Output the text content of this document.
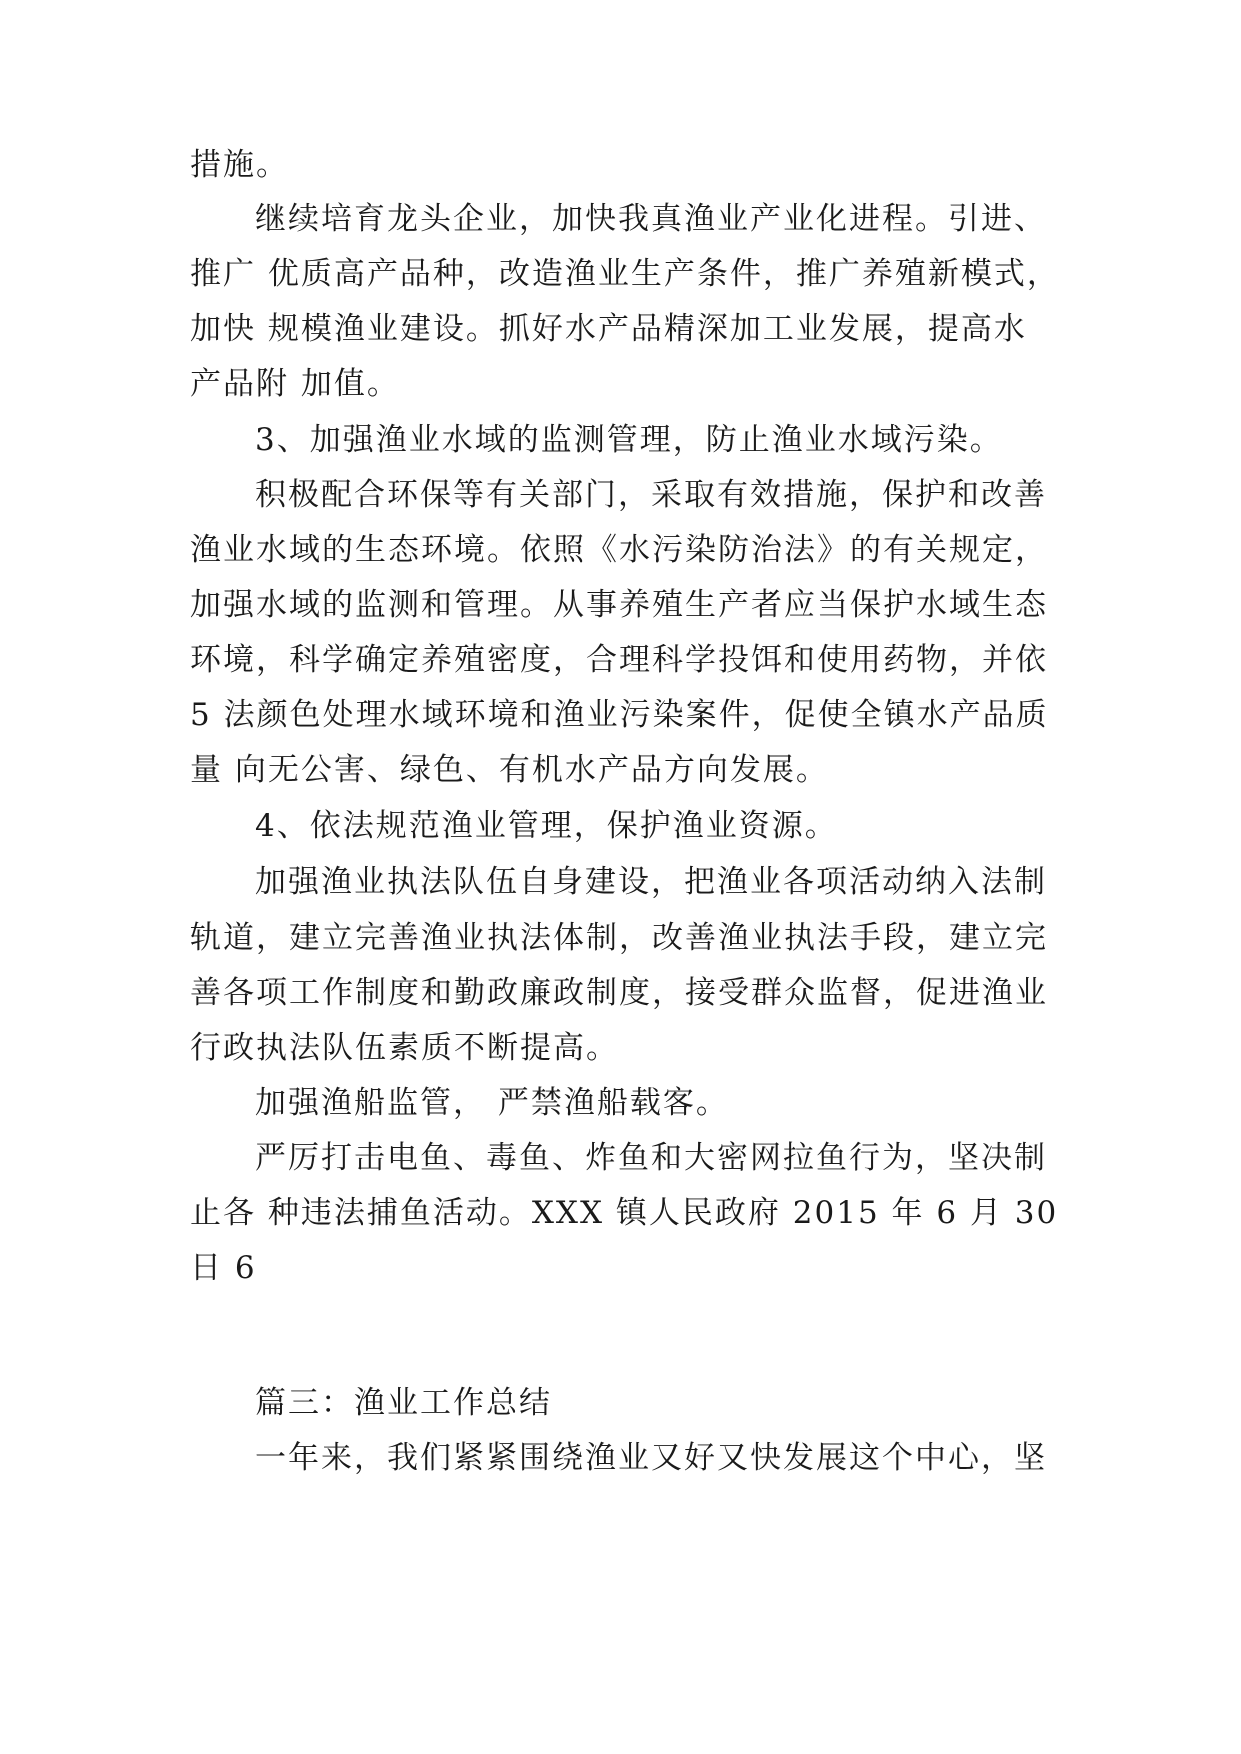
措施。
继续培育龙头企业，加快我真渔业产业化进程。引进、
推广 优质高产品种，改造渔业生产条件，推广养殖新模式，
加快 规模渔业建设。抓好水产品精深加工业发展，提高水
产品附 加值。
3、加强渔业水域的监测管理，防止渔业水域污染。
积极配合环保等有关部门，采取有效措施，保护和改善
渔业水域的生态环境。依照《水污染防治法》的有关规定，
加强水域的监测和管理。从事养殖生产者应当保护水域生态
环境，科学确定养殖密度，合理科学投饵和使用药物，并依
5 法颜色处理水域环境和渔业污染案件，促使全镇水产品质
量 向无公害、绿色、有机水产品方向发展。
4、依法规范渔业管理，保护渔业资源。
加强渔业执法队伍自身建设，把渔业各项活动纳入法制
轨道，建立完善渔业执法体制，改善渔业执法手段，建立完
善各项工作制度和勤政廉政制度，接受群众监督，促进渔业
行政执法队伍素质不断提高。
加强渔船监管， 严禁渔船载客。
严厉打击电鱼、毒鱼、炸鱼和大密网拉鱼行为，坚决制
止各 种违法捕鱼活动。XXX 镇人民政府 2015 年 6 月 30
日 6
篇三：渔业工作总结
一年来，我们紧紧围绕渔业又好又快发展这个中心，坚
